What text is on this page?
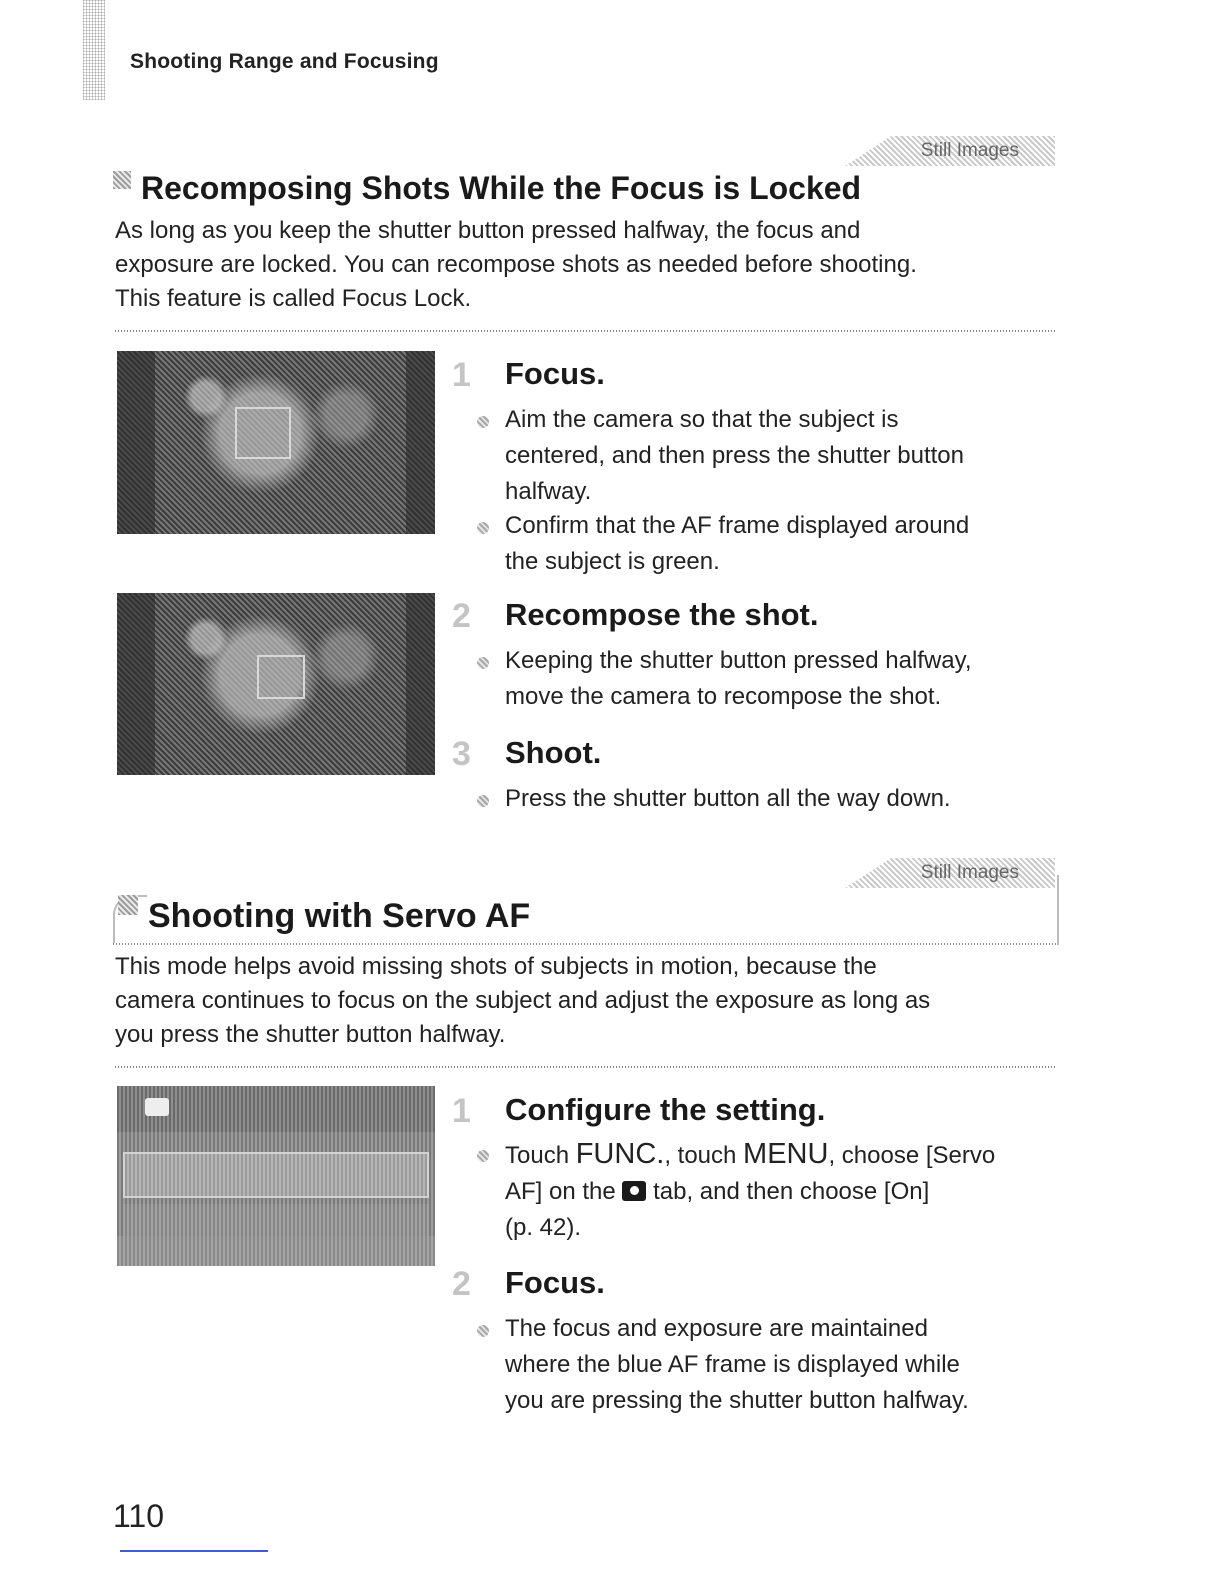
Shooting Range and Focusing
Still Images
Recomposing Shots While the Focus is Locked
As long as you keep the shutter button pressed halfway, the focus and
exposure are locked. You can recompose shots as needed before shooting.
This feature is called Focus Lock.
1 Focus.
Aim the camera so that the subject is
centered, and then press the shutter button
halfway.
Confirm that the AF frame displayed around
the subject is green.
2 Recompose the shot.
Keeping the shutter button pressed halfway,
move the camera to recompose the shot.
3 Shoot.
Press the shutter button all the way down.
Still Images
Shooting with Servo AF
This mode helps avoid missing shots of subjects in motion, because the
camera continues to focus on the subject and adjust the exposure as long as
you press the shutter button halfway.
1 Configure the setting.
Touch FUNC., touch MENU, choose [Servo
AF] on the
tab, and then choose [On]
(p. 42).
2 Focus.
The focus and exposure are maintained
where the blue AF frame is displayed while
you are pressing the shutter button halfway.
110
